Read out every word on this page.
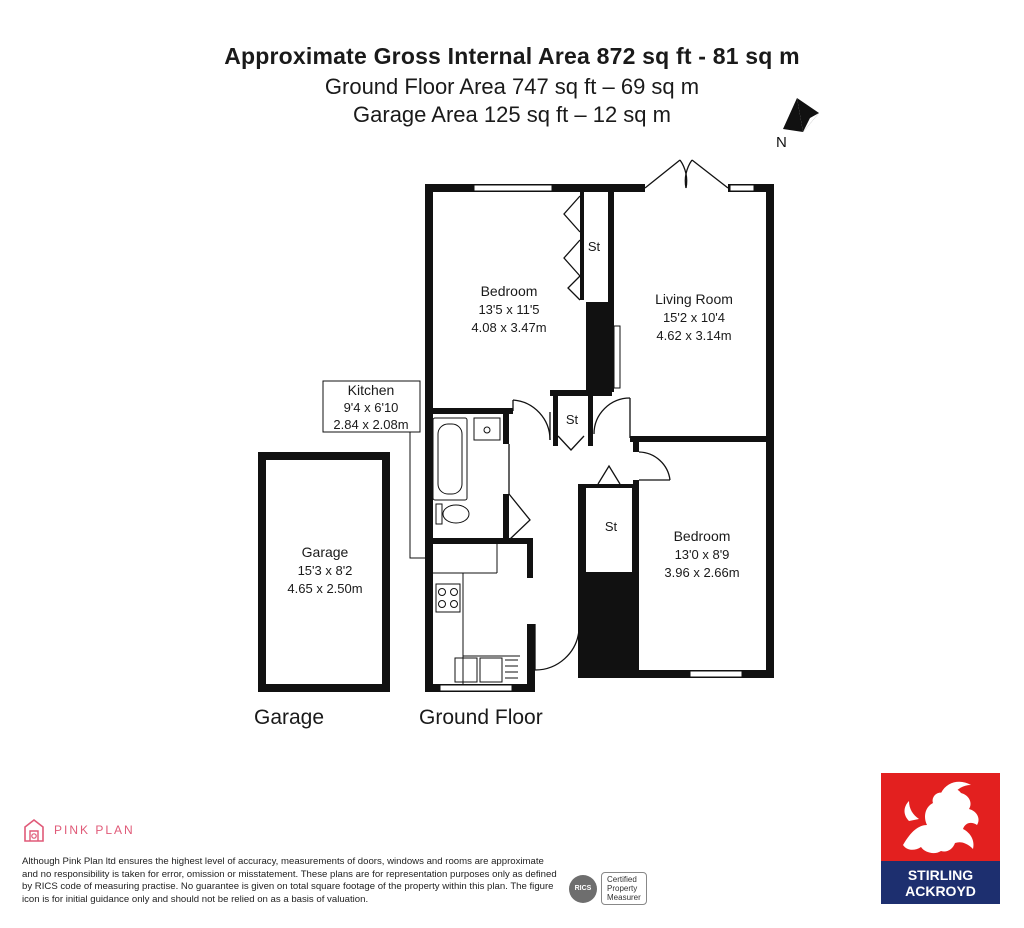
Approximate Gross Internal Area 872 sq ft - 81 sq m
Ground Floor Area 747 sq ft – 69 sq m
Garage Area 125 sq ft – 12 sq m
N
Bedroom
13'5 x 11'5
4.08 x 3.47m
Living Room
15'2 x 10'4
4.62 x 3.14m
Kitchen
9'4 x 6'10
2.84 x 2.08m
Garage
15'3 x 8'2
4.65 x 2.50m
Bedroom
13'0 x 8'9
3.96 x 2.66m
St
St
St
Garage	Ground Floor
PINK PLAN
Although Pink Plan ltd ensures the highest level of accuracy, measurements of doors, windows and rooms are approximate and no responsibility is taken for error, omission or misstatement. These plans are for representation purposes only as defined by RICS code of measuring practise. No guarantee is given on total square footage of the property within this plan. The figure icon is for initial guidance only and should not be relied on as a basis of valuation.
RICS
Certified
Property
Measurer
STIRLING
ACKROYD
